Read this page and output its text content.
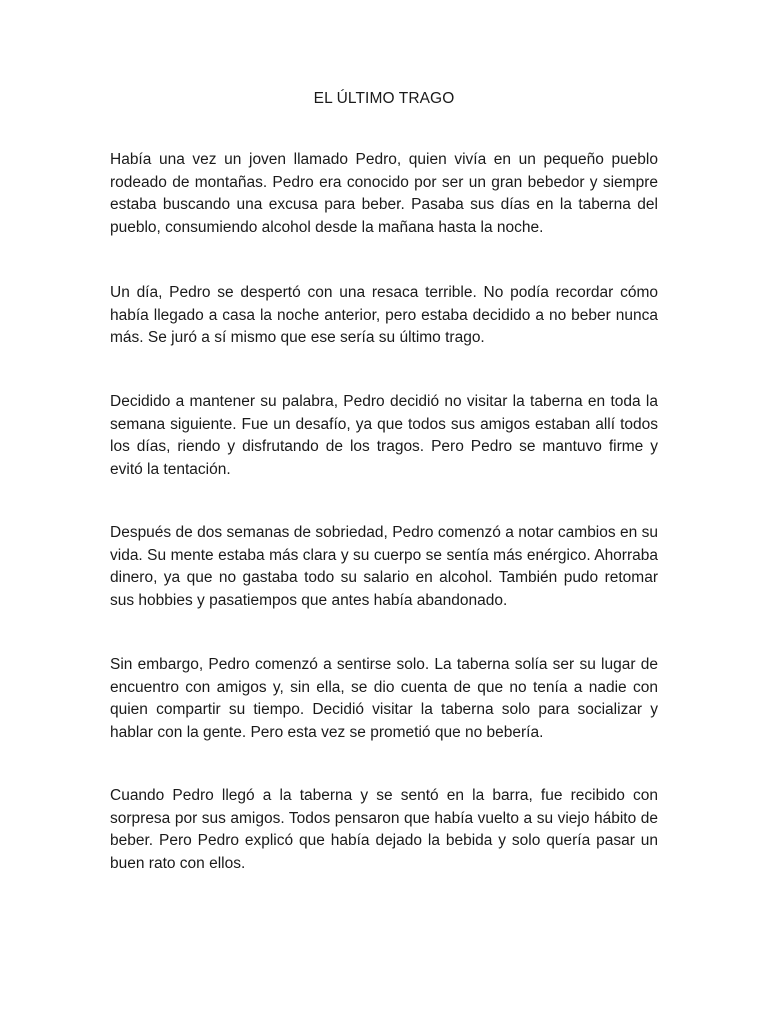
EL ÚLTIMO TRAGO

Había una vez un joven llamado Pedro, quien vivía en un pequeño pueblo rodeado de montañas. Pedro era conocido por ser un gran bebedor y siempre estaba buscando una excusa para beber. Pasaba sus días en la taberna del pueblo, consumiendo alcohol desde la mañana hasta la noche.

Un día, Pedro se despertó con una resaca terrible. No podía recordar cómo había llegado a casa la noche anterior, pero estaba decidido a no beber nunca más. Se juró a sí mismo que ese sería su último trago.

Decidido a mantener su palabra, Pedro decidió no visitar la taberna en toda la semana siguiente. Fue un desafío, ya que todos sus amigos estaban allí todos los días, riendo y disfrutando de los tragos. Pero Pedro se mantuvo firme y evitó la tentación.

Después de dos semanas de sobriedad, Pedro comenzó a notar cambios en su vida. Su mente estaba más clara y su cuerpo se sentía más enérgico. Ahorraba dinero, ya que no gastaba todo su salario en alcohol. También pudo retomar sus hobbies y pasatiempos que antes había abandonado.

Sin embargo, Pedro comenzó a sentirse solo. La taberna solía ser su lugar de encuentro con amigos y, sin ella, se dio cuenta de que no tenía a nadie con quien compartir su tiempo. Decidió visitar la taberna solo para socializar y hablar con la gente. Pero esta vez se prometió que no bebería.

Cuando Pedro llegó a la taberna y se sentó en la barra, fue recibido con sorpresa por sus amigos. Todos pensaron que había vuelto a su viejo hábito de beber. Pero Pedro explicó que había dejado la bebida y solo quería pasar un buen rato con ellos.
